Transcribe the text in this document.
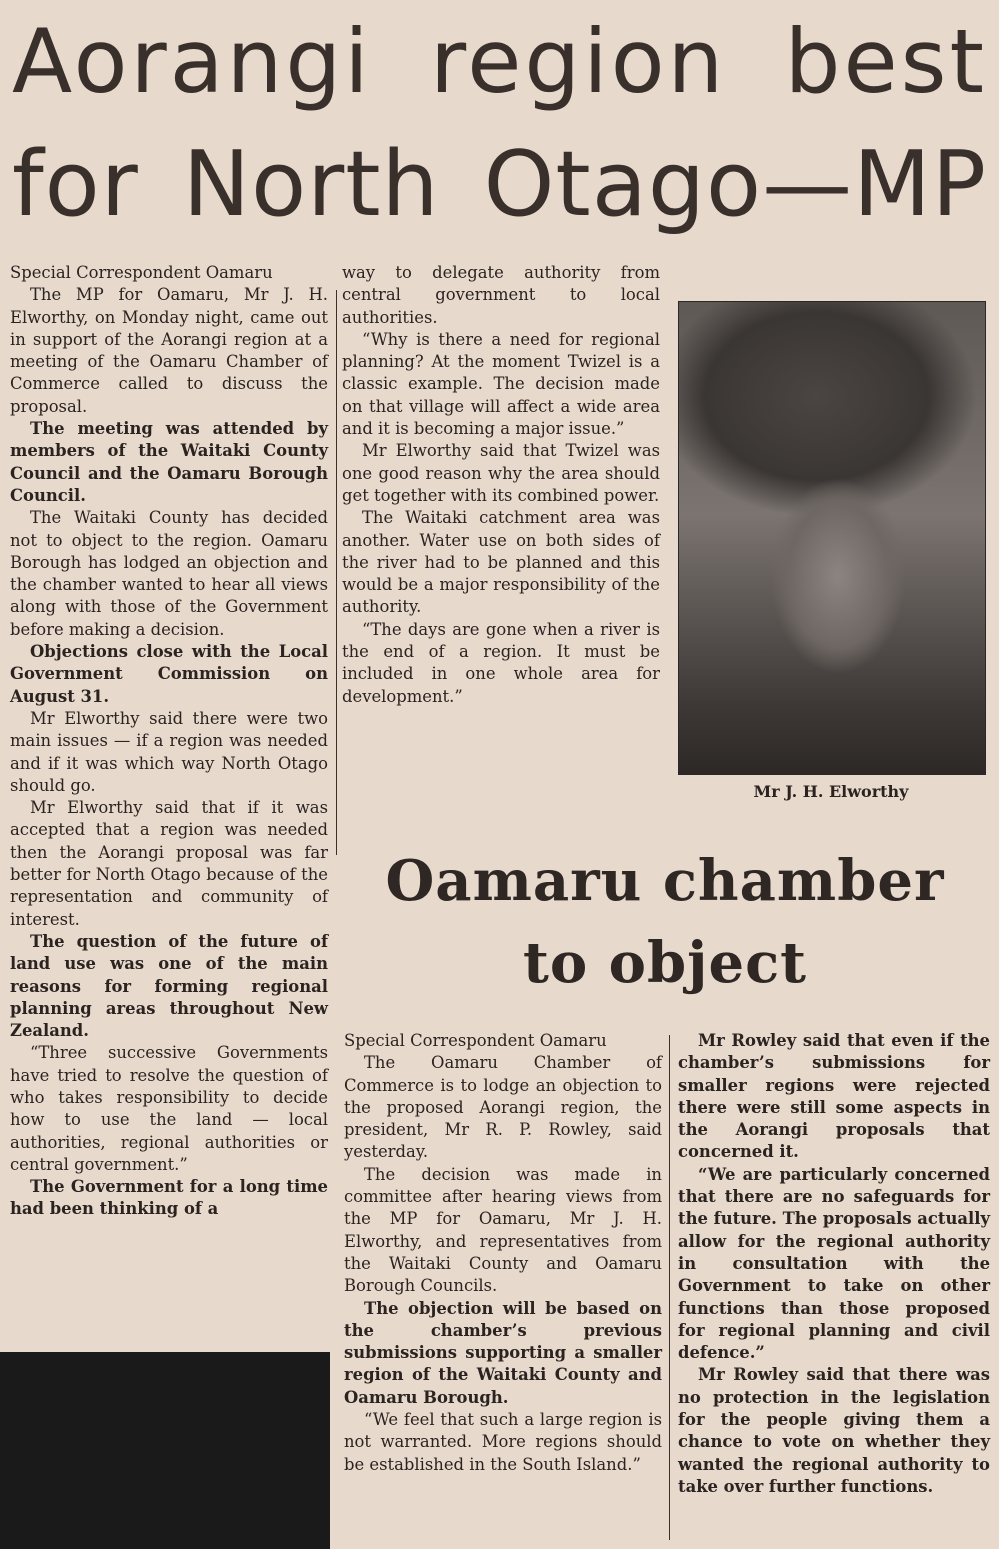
Aorangi region best
for North Otago—MP

Special Correspondent Oamaru

The MP for Oamaru, Mr J. H. Elworthy, on Monday night, came out in support of the Aorangi region at a meeting of the Oamaru Chamber of Commerce called to discuss the proposal.

The meeting was attended by members of the Waitaki County Council and the Oamaru Borough Council.

The Waitaki County has decided not to object to the region. Oamaru Borough has lodged an objection and the chamber wanted to hear all views along with those of the Government before making a decision.

Objections close with the Local Government Commission on August 31.

Mr Elworthy said there were two main issues — if a region was needed and if it was which way North Otago should go.

Mr Elworthy said that if it was accepted that a region was needed then the Aorangi proposal was far better for North Otago because of the representation and community of interest.

The question of the future of land use was one of the main reasons for forming regional planning areas throughout New Zealand.

“Three successive Governments have tried to resolve the question of who takes responsibility to decide how to use the land — local authorities, regional authorities or central government.”

The Government for a long time had been thinking of a

way to delegate authority from central government to local authorities.

“Why is there a need for regional planning? At the moment Twizel is a classic example. The decision made on that village will affect a wide area and it is becoming a major issue.”

Mr Elworthy said that Twizel was one good reason why the area should get together with its combined power.

The Waitaki catchment area was another. Water use on both sides of the river had to be planned and this would be a major responsibility of the authority.

“The days are gone when a river is the end of a region. It must be included in one whole area for development.”

Mr J. H. Elworthy
Oamaru chamber
to object

Special Correspondent Oamaru

The Oamaru Chamber of Commerce is to lodge an objection to the proposed Aorangi region, the president, Mr R. P. Rowley, said yesterday.

The decision was made in committee after hearing views from the MP for Oamaru, Mr J. H. Elworthy, and representatives from the Waitaki County and Oamaru Borough Councils.

The objection will be based on the chamber’s previous submissions supporting a smaller region of the Waitaki County and Oamaru Borough.

“We feel that such a large region is not warranted. More regions should be established in the South Island.”

Mr Rowley said that even if the chamber’s submissions for smaller regions were rejected there were still some aspects in the Aorangi proposals that concerned it.

“We are particularly concerned that there are no safeguards for the future. The proposals actually allow for the regional authority in consultation with the Government to take on other functions than those proposed for regional planning and civil defence.”

Mr Rowley said that there was no protection in the legislation for the people giving them a chance to vote on whether they wanted the regional authority to take over further functions.
